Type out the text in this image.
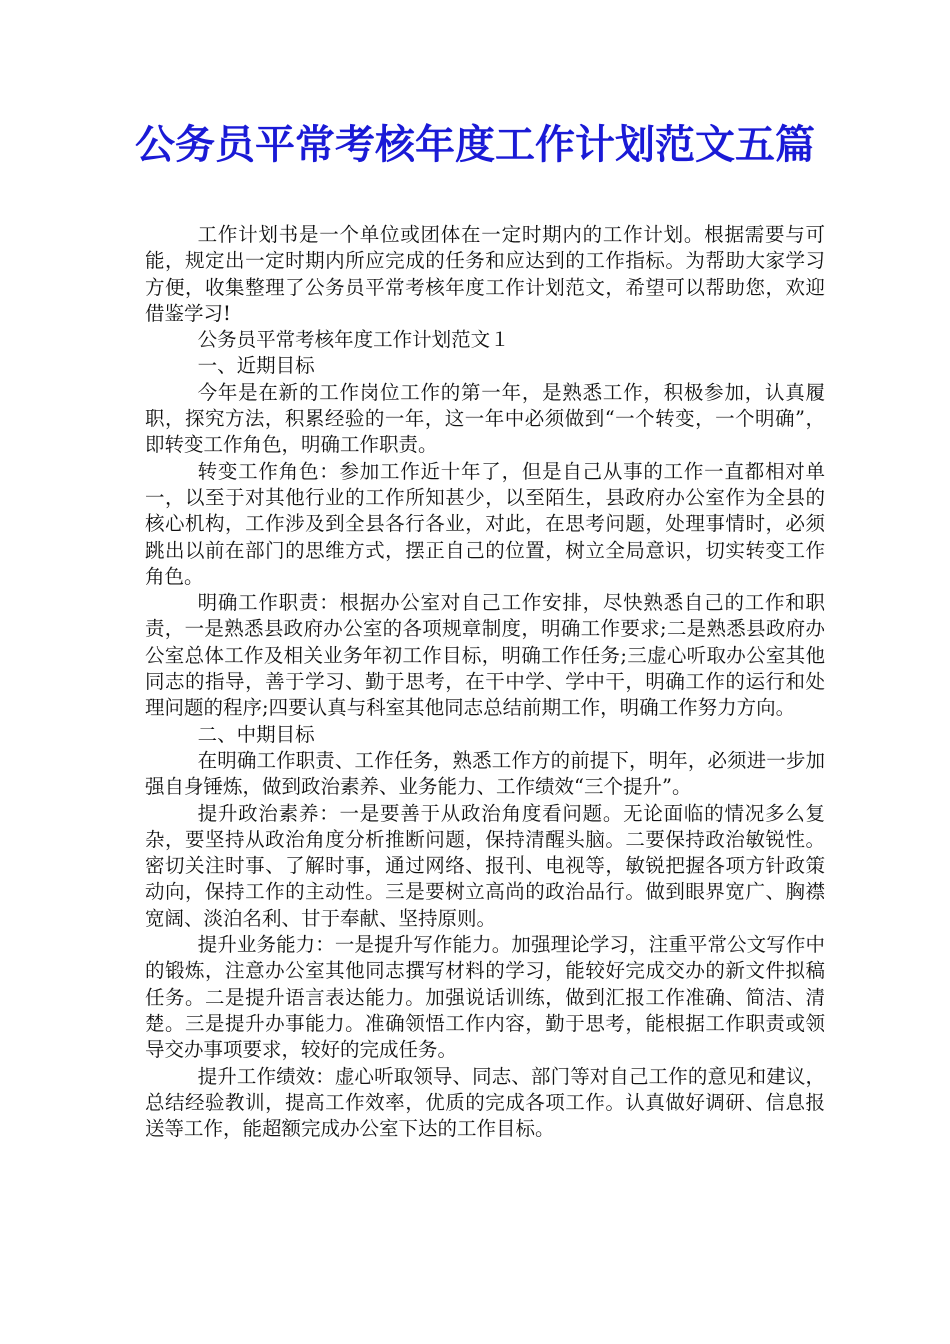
公务员平常考核年度工作计划范文五篇

工作计划书是一个单位或团体在一定时期内的工作计划。根据需要与可能，规定出一定时期内所应完成的任务和应达到的工作指标。为帮助大家学习方便，收集整理了公务员平常考核年度工作计划范文，希望可以帮助您，欢迎借鉴学习!

公务员平常考核年度工作计划范文１

一、近期目标

今年是在新的工作岗位工作的第一年，是熟悉工作，积极参加，认真履职，探究方法，积累经验的一年，这一年中必须做到“一个转变，一个明确”，即转变工作角色，明确工作职责。

转变工作角色：参加工作近十年了，但是自己从事的工作一直都相对单一，以至于对其他行业的工作所知甚少，以至陌生，县政府办公室作为全县的核心机构，工作涉及到全县各行各业，对此，在思考问题，处理事情时，必须跳出以前在部门的思维方式，摆正自己的位置，树立全局意识，切实转变工作角色。

明确工作职责：根据办公室对自己工作安排，尽快熟悉自己的工作和职责，一是熟悉县政府办公室的各项规章制度，明确工作要求;二是熟悉县政府办公室总体工作及相关业务年初工作目标，明确工作任务;三虚心听取办公室其他同志的指导，善于学习、勤于思考，在干中学、学中干，明确工作的运行和处理问题的程序;四要认真与科室其他同志总结前期工作，明确工作努力方向。

二、中期目标

在明确工作职责、工作任务，熟悉工作方的前提下，明年，必须进一步加强自身锤炼，做到政治素养、业务能力、工作绩效“三个提升”。

提升政治素养：一是要善于从政治角度看问题。无论面临的情况多么复杂，要坚持从政治角度分析推断问题，保持清醒头脑。二要保持政治敏锐性。密切关注时事、了解时事，通过网络、报刊、电视等，敏锐把握各项方针政策动向，保持工作的主动性。三是要树立高尚的政治品行。做到眼界宽广、胸襟宽阔、淡泊名利、甘于奉献、坚持原则。

提升业务能力：一是提升写作能力。加强理论学习，注重平常公文写作中的锻炼，注意办公室其他同志撰写材料的学习，能较好完成交办的新文件拟稿任务。二是提升语言表达能力。加强说话训练，做到汇报工作准确、简洁、清楚。三是提升办事能力。准确领悟工作内容，勤于思考，能根据工作职责或领导交办事项要求，较好的完成任务。

提升工作绩效：虚心听取领导、同志、部门等对自己工作的意见和建议，总结经验教训，提高工作效率，优质的完成各项工作。认真做好调研、信息报送等工作，能超额完成办公室下达的工作目标。
